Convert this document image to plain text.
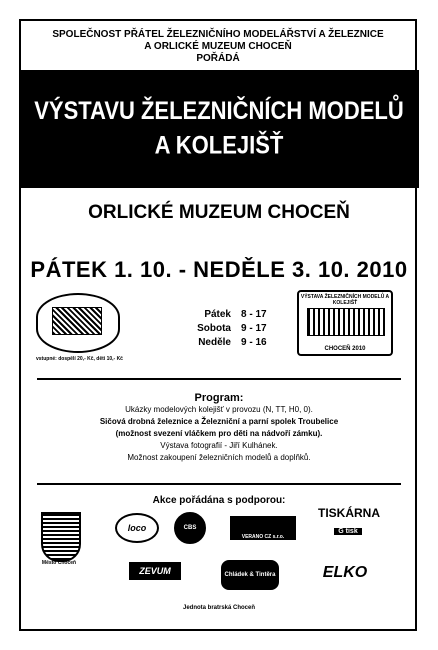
SPOLEČNOST PŘÁTEL ŽELEZNIČNÍHO MODELÁŘSTVÍ A ŽELEZNICE
A ORLICKÉ MUZEUM CHOCEŇ
POŘÁDÁ
VÝSTAVU ŽELEZNIČNÍCH MODELŮ
A KOLEJIŠŤ
ORLICKÉ MUZEUM CHOCEŇ
PÁTEK 1. 10. - NEDĚLE 3. 10. 2010

Pátek	8 - 17
Sobota	9 - 17
Neděle	9 - 16
VÝSTAVA ŽELEZNIČNÍCH MODELŮ A KOLEJIŠŤ
CHOCEŇ 2010
vstupné: dospělí 20,- Kč, děti 10,- Kč
Program:
Ukázky modelových kolejišť v provozu (N, TT, H0, 0).
Sičová drobná železnice a Železniční a parní spolek Troubelice
(možnost svezení vláčkem pro děti na nádvoří zámku).
Výstava fotografií - Jiří Kulhánek.
Možnost zakoupení železničních modelů a doplňků.
Akce pořádána s podporou:
Město Choceň
loco	CBS
VERANO CZ s.r.o.
TISKÁRNA
G tisk
ZEVUM	Chládek & Tintěra	ELKO
Jednota bratrská Choceň
